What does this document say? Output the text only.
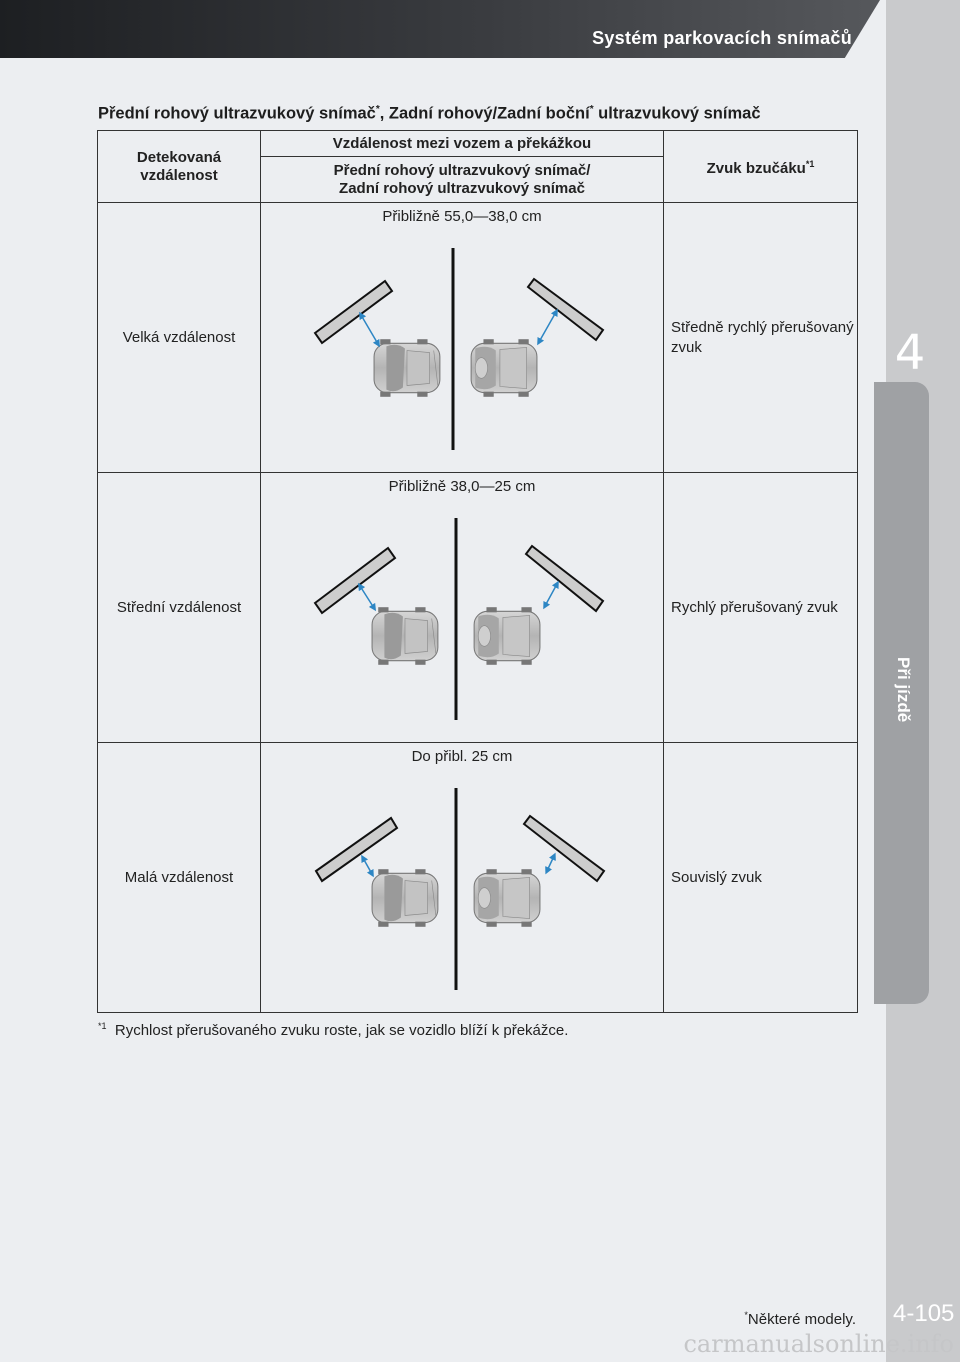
Systém parkovacích snímačů
4
Při jízdě
4-105
Přední rohový ultrazvukový snímač*, Zadní rohový/Zadní boční* ultrazvukový snímač
Detekovaná vzdálenost	Vzdálenost mezi vozem a překážkou	Zvuk bzučáku$^{*1}$
	Přední rohový ultrazvukový snímač/
Zadní rohový ultrazvukový snímač	
Velká vzdálenost	Přibližně 55,0—38,0 cm	Středně rychlý přerušovaný zvuk
Střední vzdálenost	Přibližně 38,0—25 cm	Rychlý přerušovaný zvuk
Malá vzdálenost	Do přibl. 25 cm	Souvislý zvuk
$^{*1}$ Rychlost přerušovaného zvuku roste, jak se vozidlo blíží k překážce.
*Některé modely.
carmanualsonline.info
